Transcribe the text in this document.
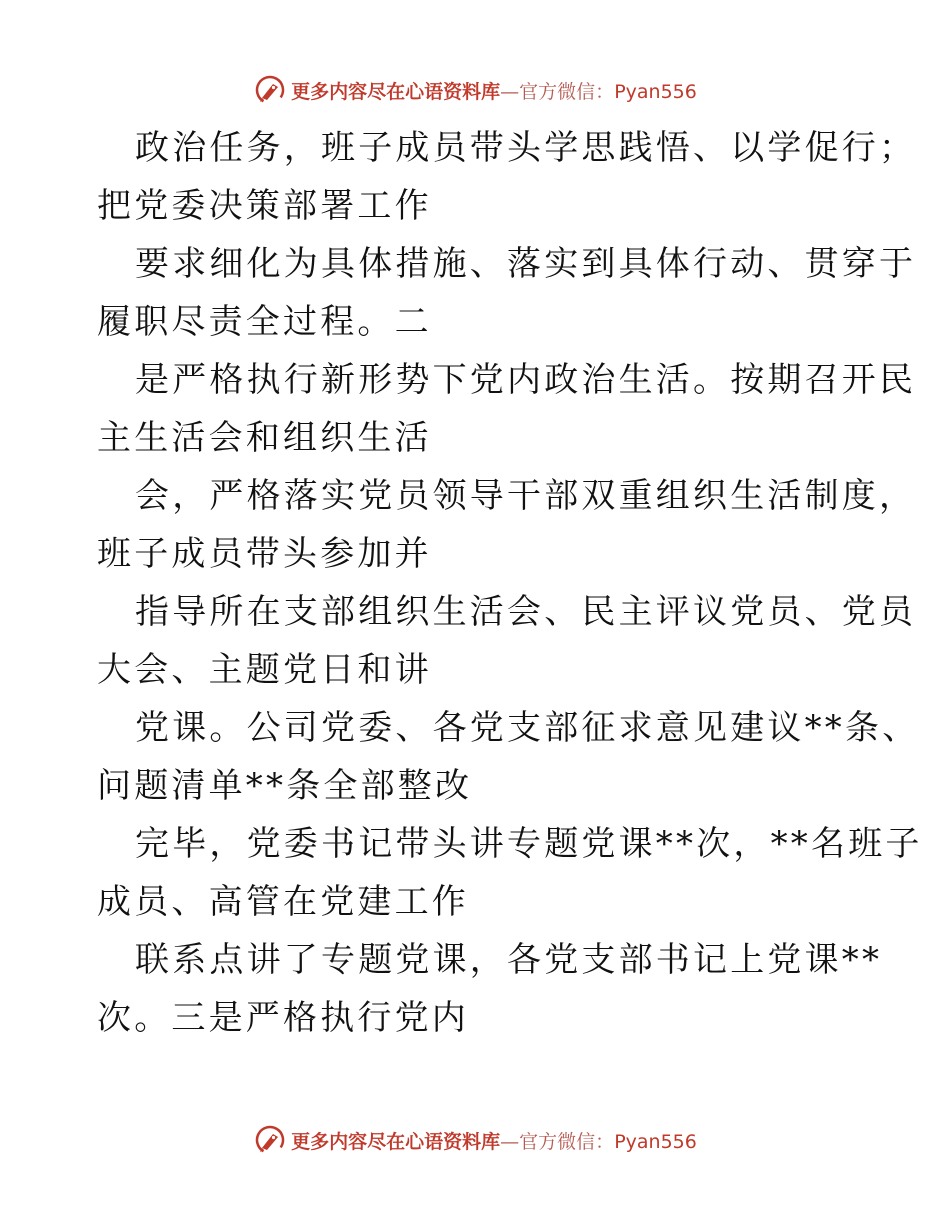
更多内容尽在心语资料库—官方微信：Pyan556
政治任务，班子成员带头学思践悟、以学促行；
把党委决策部署工作
要求细化为具体措施、落实到具体行动、贯穿于
履职尽责全过程。二
是严格执行新形势下党内政治生活。按期召开民
主生活会和组织生活
会，严格落实党员领导干部双重组织生活制度，
班子成员带头参加并
指导所在支部组织生活会、民主评议党员、党员
大会、主题党日和讲
党课。公司党委、各党支部征求意见建议**条、
问题清单**条全部整改
完毕，党委书记带头讲专题党课**次，**名班子
成员、高管在党建工作
联系点讲了专题党课，各党支部书记上党课**
次。三是严格执行党内
更多内容尽在心语资料库—官方微信：Pyan556
